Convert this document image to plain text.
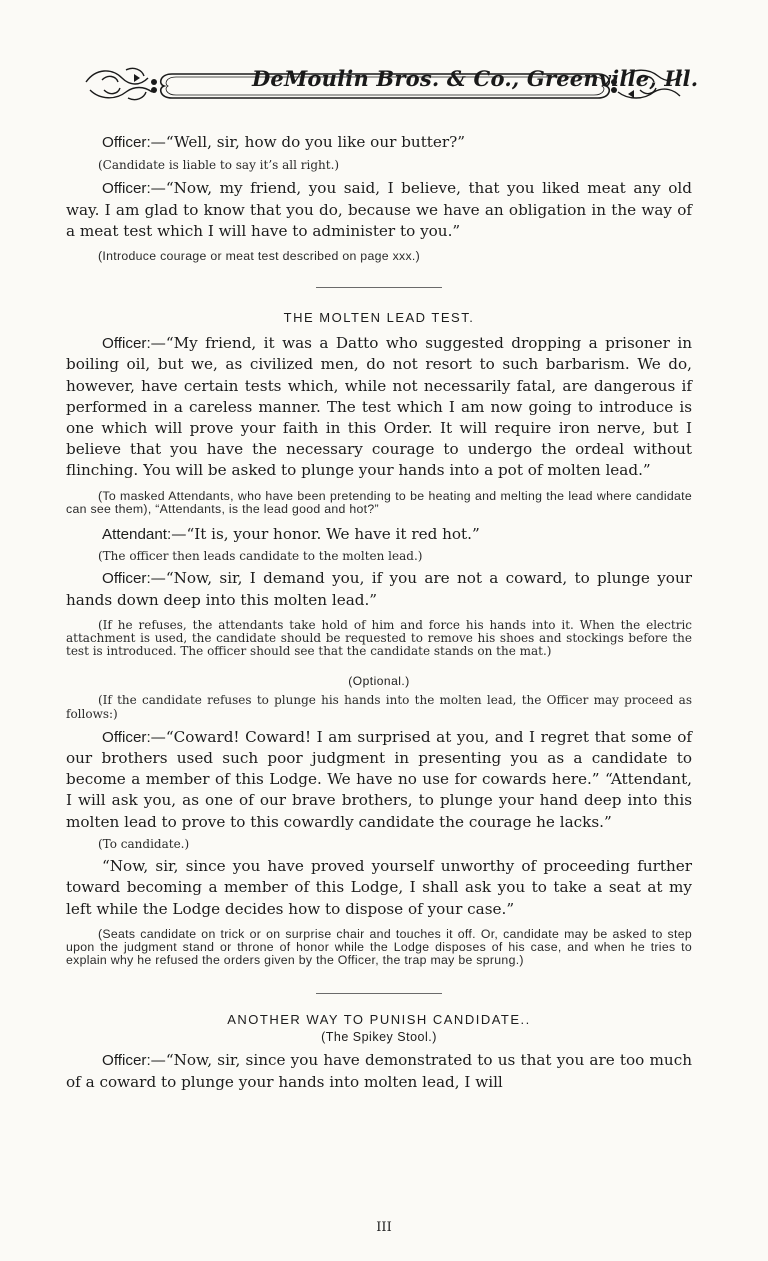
DeMoulin Bros. & Co., Greenville, Ill.

Officer:—“Well, sir, how do you like our butter?”

(Candidate is liable to say it’s all right.)

Officer:—“Now, my friend, you said, I believe, that you liked meat any old way. I am glad to know that you do, because we have an obligation in the way of a meat test which I will have to administer to you.”

(Introduce courage or meat test described on page xxx.)

THE MOLTEN LEAD TEST.

Officer:—“My friend, it was a Datto who suggested dropping a prisoner in boiling oil, but we, as civilized men, do not resort to such barbarism. We do, however, have certain tests which, while not necessarily fatal, are dangerous if performed in a careless manner. The test which I am now going to introduce is one which will prove your faith in this Order. It will require iron nerve, but I believe that you have the necessary courage to undergo the ordeal without flinching. You will be asked to plunge your hands into a pot of molten lead.”

(To masked Attendants, who have been pretending to be heating and melting the lead where candidate can see them), “Attendants, is the lead good and hot?”

Attendant:—“It is, your honor. We have it red hot.”

(The officer then leads candidate to the molten lead.)

Officer:—“Now, sir, I demand you, if you are not a coward, to plunge your hands down deep into this molten lead.”

(If he refuses, the attendants take hold of him and force his hands into it. When the electric attachment is used, the candidate should be requested to remove his shoes and stockings before the test is introduced. The officer should see that the candidate stands on the mat.)

(Optional.)

(If the candidate refuses to plunge his hands into the molten lead, the Officer may proceed as follows:)

Officer:—“Coward! Coward! I am surprised at you, and I regret that some of our brothers used such poor judgment in presenting you as a candidate to become a member of this Lodge. We have no use for cowards here.” “Attendant, I will ask you, as one of our brave brothers, to plunge your hand deep into this molten lead to prove to this cowardly candidate the courage he lacks.”

(To candidate.)

“Now, sir, since you have proved yourself unworthy of proceeding further toward becoming a member of this Lodge, I shall ask you to take a seat at my left while the Lodge decides how to dispose of your case.”

(Seats candidate on trick or on surprise chair and touches it off. Or, candidate may be asked to step upon the judgment stand or throne of honor while the Lodge disposes of his case, and when he tries to explain why he refused the orders given by the Officer, the trap may be sprung.)

ANOTHER WAY TO PUNISH CANDIDATE..

(The Spikey Stool.)

Officer:—“Now, sir, since you have demonstrated to us that you are too much of a coward to plunge your hands into molten lead, I will

III
